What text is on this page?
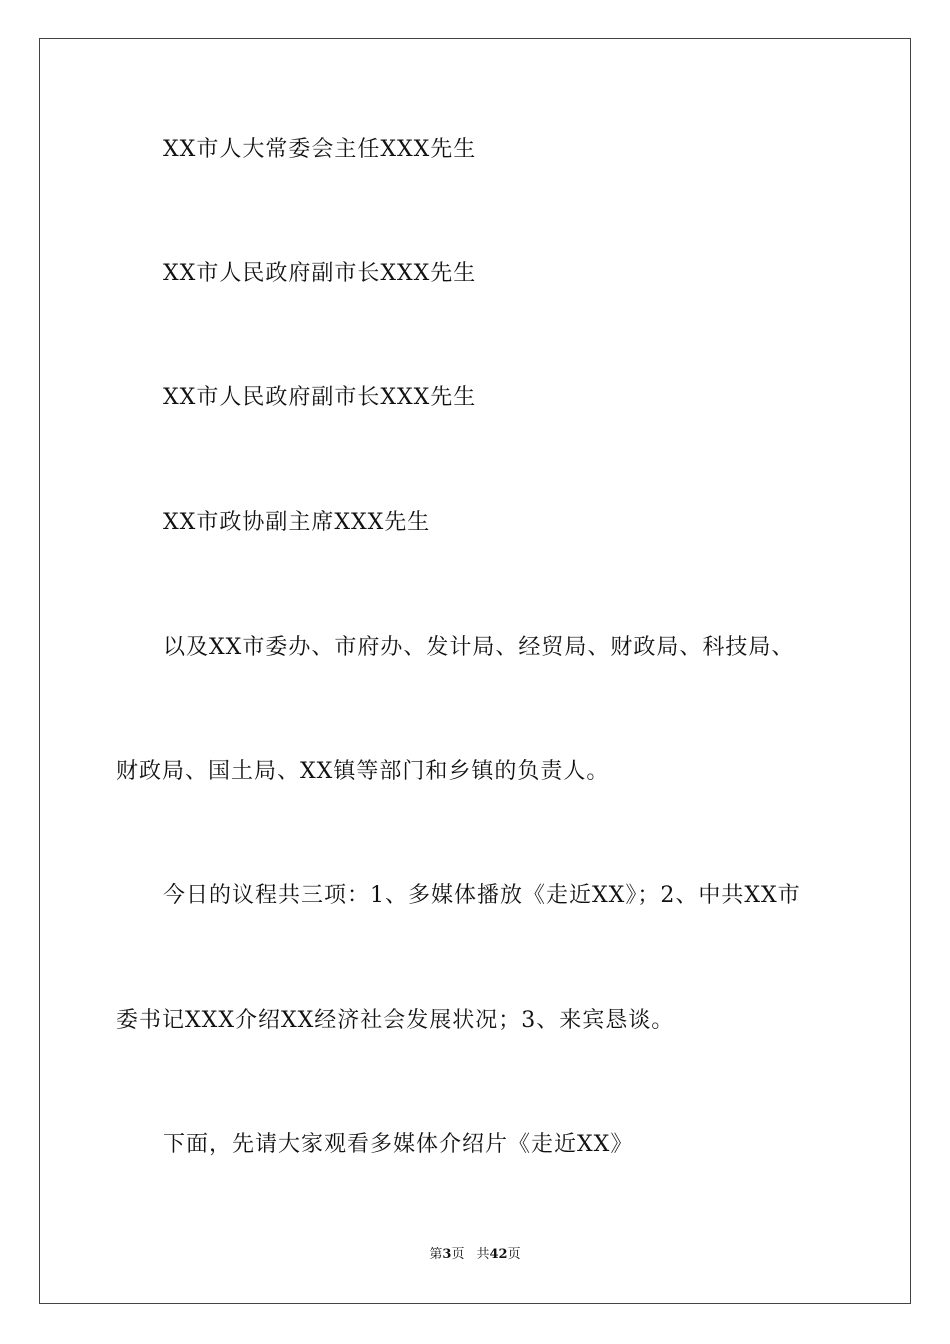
XX市人大常委会主任XXX先生
XX市人民政府副市长XXX先生
XX市人民政府副市长XXX先生
XX市政协副主席XXX先生
以及XX市委办、市府办、发计局、经贸局、财政局、科技局、
财政局、国土局、XX镇等部门和乡镇的负责人。
今日的议程共三项：1、多媒体播放《走近XX》；2、中共XX市
委书记XXX介绍XX经济社会发展状况；3、来宾恳谈。
下面，先请大家观看多媒体介绍片《走近XX》
第3页 共42页
